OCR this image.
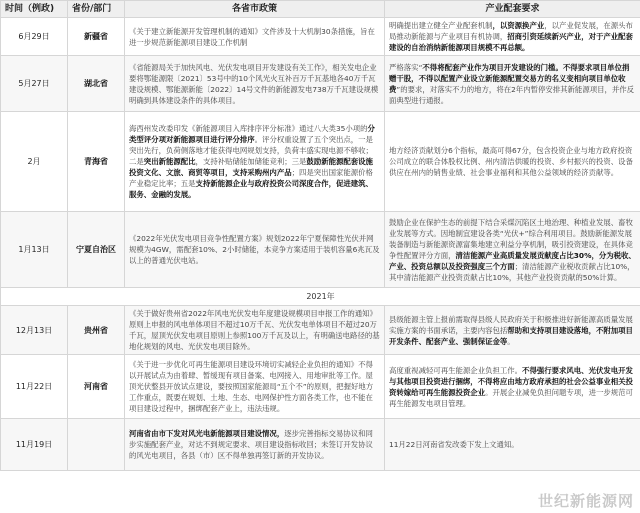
时间（例政)	省份/部门	各省市政策	产业配套要求
6月29日	新疆省	《关于建立新能源开发管理机制的通知》文件涉及十大机制30条措施，旨在进一步规范新能源项目建设工作机制	明确提出建立健全产业配套机制，以资源换产业，以产业促发展，在源头布局推动新能源与产业项目有机协调，招商引资延续新兴产业，对于产业配套建设的自治消纳新能源项目规模不再总额。
5月27日	湖北省	《省能源局关于加快风电、光伏发电项目开发建设有关工作》，相关发电企业要将鄂能源限〔2021〕53号中的10个风光火互补百万千瓦基地各40万千瓦建设规模、鄂能源新能〔2022〕14号文件的新能源发电738万千瓦建设规模明确到具体建设条件的具体项目。	严格落实“不得将配套产业作为项目开发建设的门槛。不得要求项目单位捐赠干股，不得以配置产业设立新能源配置交易方的名义变相向项目单位收费”的要求，对落实不力的地方，将在2年内暂停安排其新能源项目，并作反面典型进行通报。
2月	青海省	海西州发改委印发《新能源项目入库排序评分标准》通过八大类35小项的分类型评分项对新能源项目进行评分排序。评分权重设置了五个突出点，一是突出先行，负荷侧落地才能获得电网规划支持，负荷丰盛实现电源不够收；二是突出新能源配比，支持补贴储能加储能竞利；三是鼓励新能源配套设施投资文化、文旅、商贸等项目，支持采购州内产品；四是突出国家能源价格产业稳定比率；五是支持新能源企业与政府投资公司深度合作，促进建筑、服务、金融的发展。	地方经济贡献划分6个指标，最高可得67分，包含投资企业与地方政府投资公司成立的联合体股权比例、州内清洁供暖的投资、乡村振兴的投资、设备供应在州内的销售业绩、社会事业福利和其他公益领域的经济贡献等。
1月13日	宁夏自治区	《2022年光伏发电项目竞争性配置方案》规划2022年宁夏保障性光伏并网规模为4GW，需配套10%、2小时储能，本竞争方案适用于装机容量6兆瓦及以上的普通光伏电站。	鼓励企业在保护生态的前提下结合采煤沉陷区土地治理、种植业发展、畜牧业发展等方式。因地制宜建设各类“光伏+”综合利用项目。鼓励新能源发展装备制造与新能源资源富集地建立利益分享机制，吸引投资建设，在具体竞争性配置评分方面，清洁能源产业高质量发展贡献度占比30%，分为税收、产业、投资总额以及投资强度三个方面；清洁能源产业税收贡献占比10%，其中清洁能源产业投资贡献占比10%，其他产业投资贡献的50%计算。
2021年			
12月13日	贵州省	《关于做好贵州省2022年风电光伏发电年度建设规模项目申报工作的通知》原则上申报的风电单体项目不超过10万千瓦、光伏发电单体项目不超过20万千瓦，屋顶光伏发电项目原则上参照100万千瓦及以上，有明确送电路径的基地化规划的风电、光伏发电项目除外。	县级能源主管上报前需取得县级人民政府关于积极推进好新能源高质量发展实施方案的书面承诺，主要内容包括帮助和支持项目建设落地，不附加项目开发条件、配套产业、强制保证金等。
11月22日	河南省	《关于进一步优化可再生能源项目建设环境切实减轻企业负担的通知》不得以开展试点为由着肆、暂缓现有项目备案、电网接入、用地审批等工作。屋顶光伏整县开放试点建设，要按照国家能源局“五个不”的原则，把握好地方工作重点，既要在规划、土地、生态、电网保护性方面各类工作，也不能在项目建设过程中，捆绑配套产业上，违法违规。	高度重视减轻可再生能源企业负担工作。不得强行要求风电、光伏发电开发与其他项目投资进行捆绑，不得将应由地方政府承担的社会公益事业相关投资转嫁给可再生能源投资企业。开展企业减免负担问题专项，进一步规范可再生能源发电项目管理。
11月19日		河南省由市下发对风光电新能源项目建设情况，逐步完善指标交易协议和同步实施配套产业，对达不到规定要求、项目建设指标收回；未签订开发协议的风光电项目，各县（市）区不得单独再签订新的开发协议。	11月22日河南省发改委下发上文通知。
世纪新能源网
